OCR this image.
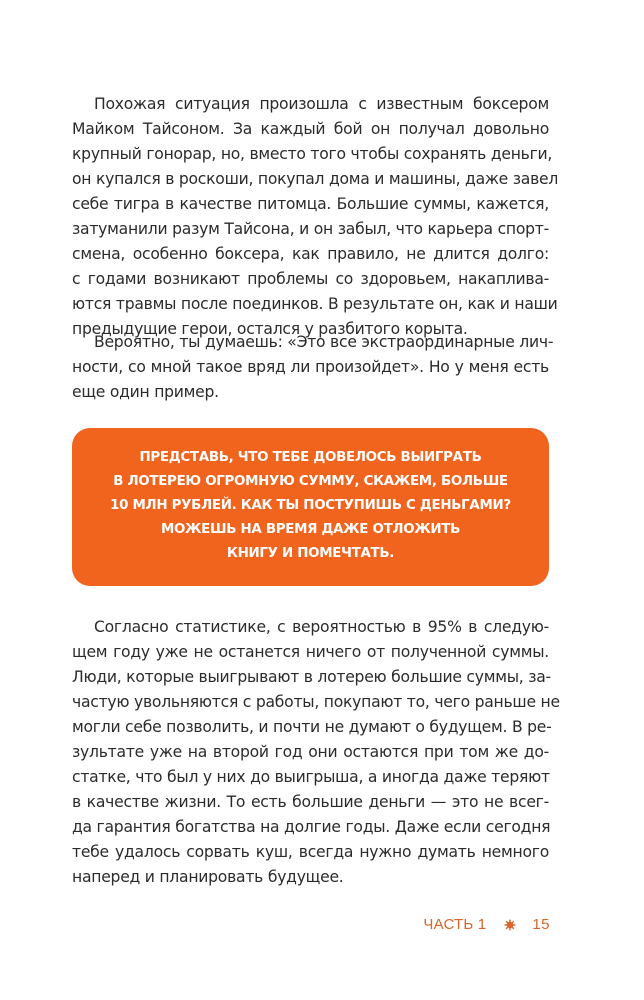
Похожая ситуация произошла с известным боксером
Майком Тайсоном. За каждый бой он получал довольно
крупный гонорар, но, вместо того чтобы сохранять деньги,
он купался в роскоши, покупал дома и машины, даже завел
себе тигра в качестве питомца. Большие суммы, кажется,
затуманили разум Тайсона, и он забыл, что карьера спорт-
смена, особенно боксера, как правило, не длится долго:
с годами возникают проблемы со здоровьем, накаплива-
ются травмы после поединков. В результате он, как и наши
предыдущие герои, остался у разбитого корыта.

Вероятно, ты думаешь: «Это все экстраординарные лич-
ности, со мной такое вряд ли произойдет». Но у меня есть
еще один пример.

ПРЕДСТАВЬ, ЧТО ТЕБЕ ДОВЕЛОСЬ ВЫИГРАТЬ
В ЛОТЕРЕЮ ОГРОМНУЮ СУММУ, СКАЖЕМ, БОЛЬШЕ
10 МЛН РУБЛЕЙ. КАК ТЫ ПОСТУПИШЬ С ДЕНЬГАМИ?
МОЖЕШЬ НА ВРЕМЯ ДАЖЕ ОТЛОЖИТЬ
КНИГУ И ПОМЕЧТАТЬ.

Согласно статистике, с вероятностью в 95% в следую-
щем году уже не останется ничего от полученной суммы.
Люди, которые выигрывают в лотерею большие суммы, за-
частую увольняются с работы, покупают то, чего раньше не
могли себе позволить, и почти не думают о будущем. В ре-
зультате уже на второй год они остаются при том же до-
статке, что был у них до выигрыша, а иногда даже теряют
в качестве жизни. То есть большие деньги — это не всег-
да гарантия богатства на долгие годы. Даже если сегодня
тебе удалось сорвать куш, всегда нужно думать немного
наперед и планировать будущее.

ЧАСТЬ 1	15
